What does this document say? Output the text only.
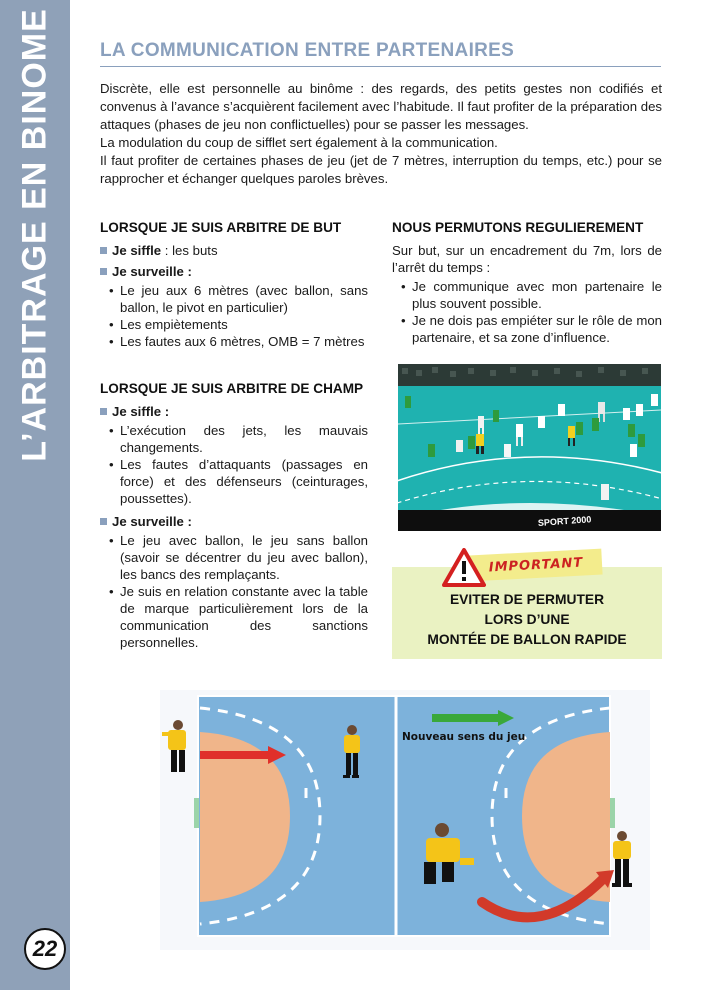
L’ARBITRAGE EN BINOME
22
LA COMMUNICATION ENTRE PARTENAIRES

Discrète, elle est personnelle au binôme : des regards, des petits gestes non codifiés et convenus à l’avance s’acquièrent facilement avec l’habitude. Il faut profiter de la préparation des attaques (phases de jeu non conflictuelles) pour se passer les messages.

La modulation du coup de sifflet sert également à la communication.

Il faut profiter de certaines phases de jeu (jet de 7 mètres, interruption du temps, etc.) pour se rapprocher et échanger quelques paroles brèves.

LORSQUE JE SUIS ARBITRE DE BUT

Je siffle : les buts

Je surveille :

• Le jeu aux 6 mètres (avec ballon, sans ballon, le pivot en particulier)
• Les empiètements
• Les fautes aux 6 mètres, OMB = 7 mètres
LORSQUE JE SUIS ARBITRE DE CHAMP

Je siffle :

• L’exécution des jets, les mauvais changements.
• Les fautes d’attaquants (passages en force) et des défenseurs (ceinturages, poussettes).

Je surveille :

• Le jeu avec ballon, le jeu sans ballon (savoir se décentrer du jeu avec ballon), les bancs des remplaçants.
• Je suis en relation constante avec la table de marque particulièrement lors de la communication des sanctions personnelles.
NOUS PERMUTONS REGULIEREMENT

Sur but, sur un encadrement du 7m, lors de l’arrêt du temps :

• Je communique avec mon partenaire le plus souvent possible.
• Je ne dois pas empiéter sur le rôle de mon partenaire, et sa zone d’influence.
SPORT 2000
IMPORTANT
EVITER DE PERMUTER
LORS D’UNE
MONTÉE DE BALLON RAPIDE
Nouveau sens du jeu
